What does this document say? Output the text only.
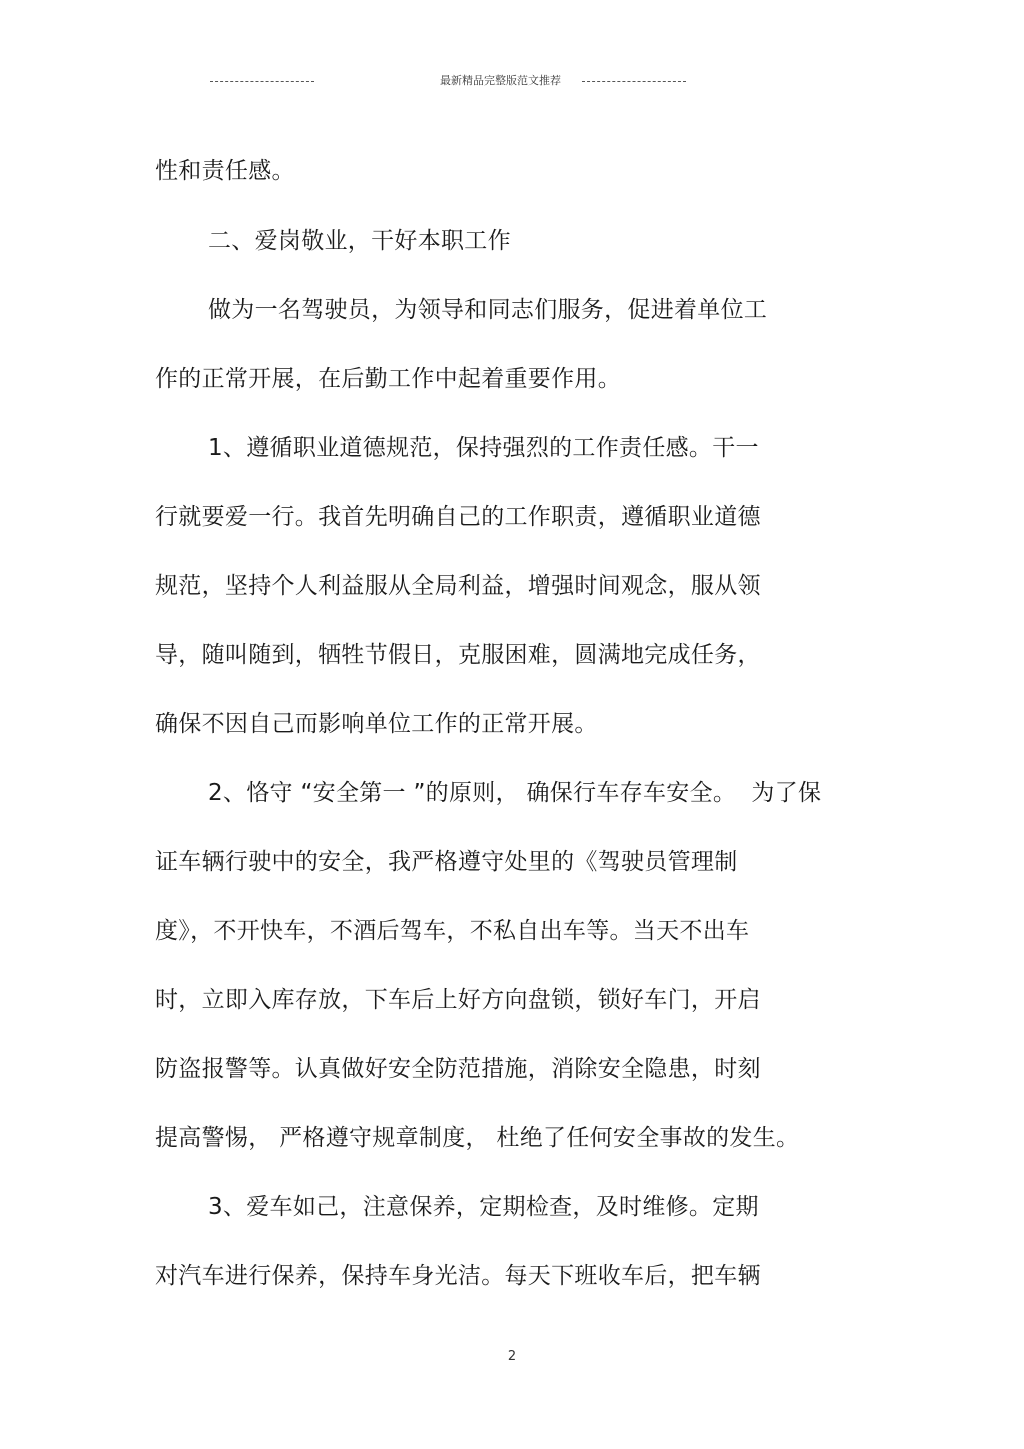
最新精品完整版范文推荐
性和责任感。
二、爱岗敬业，干好本职工作
做为一名驾驶员，为领导和同志们服务，促进着单位工
作的正常开展，在后勤工作中起着重要作用。
1、遵循职业道德规范，保持强烈的工作责任感。干一
行就要爱一行。我首先明确自己的工作职责，遵循职业道德
规范，坚持个人利益服从全局利益，增强时间观念，服从领
导，随叫随到，牺牲节假日，克服困难，圆满地完成任务，
确保不因自己而影响单位工作的正常开展。
2、恪守 “安全第一 ”的原则， 确保行车存车安全。  为了保
证车辆行驶中的安全，我严格遵守处里的《驾驶员管理制
度》，不开快车，不酒后驾车，不私自出车等。当天不出车
时，立即入库存放，下车后上好方向盘锁，锁好车门，开启
防盗报警等。认真做好安全防范措施，消除安全隐患，时刻
提高警惕， 严格遵守规章制度， 杜绝了任何安全事故的发生。
3、爱车如己，注意保养，定期检查，及时维修。定期
对汽车进行保养，保持车身光洁。每天下班收车后，把车辆
2
